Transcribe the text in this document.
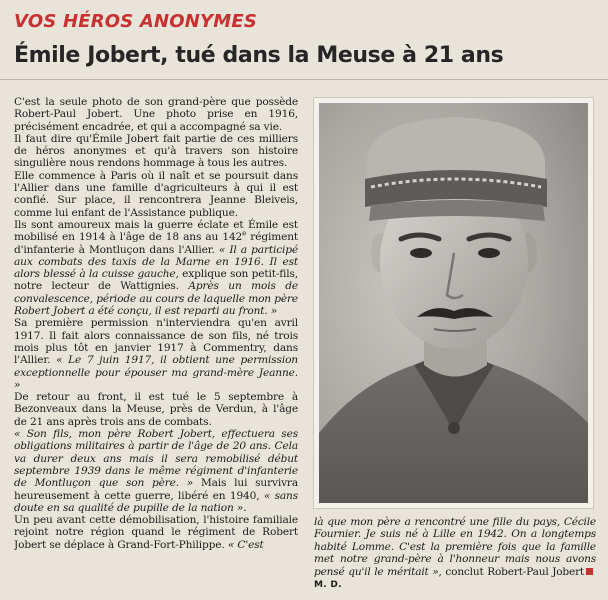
VOS HÉROS ANONYMES
Émile Jobert, tué dans la Meuse à 21 ans

C'est la seule photo de son grand-père que possède Robert-Paul Jobert. Une photo prise en 1916, précisément encadrée, et qui a accompagné sa vie.

Il faut dire qu'Émile Jobert fait partie de ces milliers de héros anonymes et qu'à travers son histoire singulière nous rendons hommage à tous les autres.

Elle commence à Paris où il naît et se poursuit dans l'Allier dans une famille d'agriculteurs à qui il est confié. Sur place, il rencontrera Jeanne Bleiveis, comme lui enfant de l'Assistance publique.

Ils sont amoureux mais la guerre éclate et Émile est mobilisé en 1914 à l'âge de 18 ans au 142e régiment d'infanterie à Montluçon dans l'Allier. « Il a participé aux combats des taxis de la Marne en 1916. Il est alors blessé à la cuisse gauche, explique son petit-fils, notre lecteur de Wattignies. Après un mois de convalescence, période au cours de laquelle mon père Robert Jobert a été conçu, il est reparti au front. »

Sa première permission n'interviendra qu'en avril 1917. Il fait alors connaissance de son fils, né trois mois plus tôt en janvier 1917 à Commentry, dans l'Allier. « Le 7 juin 1917, il obtient une permission exceptionnelle pour épouser ma grand-mère Jeanne. »

De retour au front, il est tué le 5 septembre à Bezonveaux dans la Meuse, près de Verdun, à l'âge de 21 ans après trois ans de combats.

« Son fils, mon père Robert Jobert, effectuera ses obligations militaires à partir de l'âge de 20 ans. Cela va durer deux ans mais il sera remobilisé début septembre 1939 dans le même régiment d'infanterie de Montluçon que son père. » Mais lui survivra heureusement à cette guerre, libéré en 1940, « sans doute en sa qualité de pupille de la nation ».

Un peu avant cette démobilisation, l'histoire familiale rejoint notre région quand le régiment de Robert Jobert se déplace à Grand-Fort-Philippe. « C'est

là que mon père a rencontré une fille du pays, Cécile Fournier. Je suis né à Lille en 1942. On a longtemps habité Lomme. C'est la première fois que la famille met notre grand-père à l'honneur mais nous avons pensé qu'il le méritait », conclut Robert-Paul JobertM. D.
